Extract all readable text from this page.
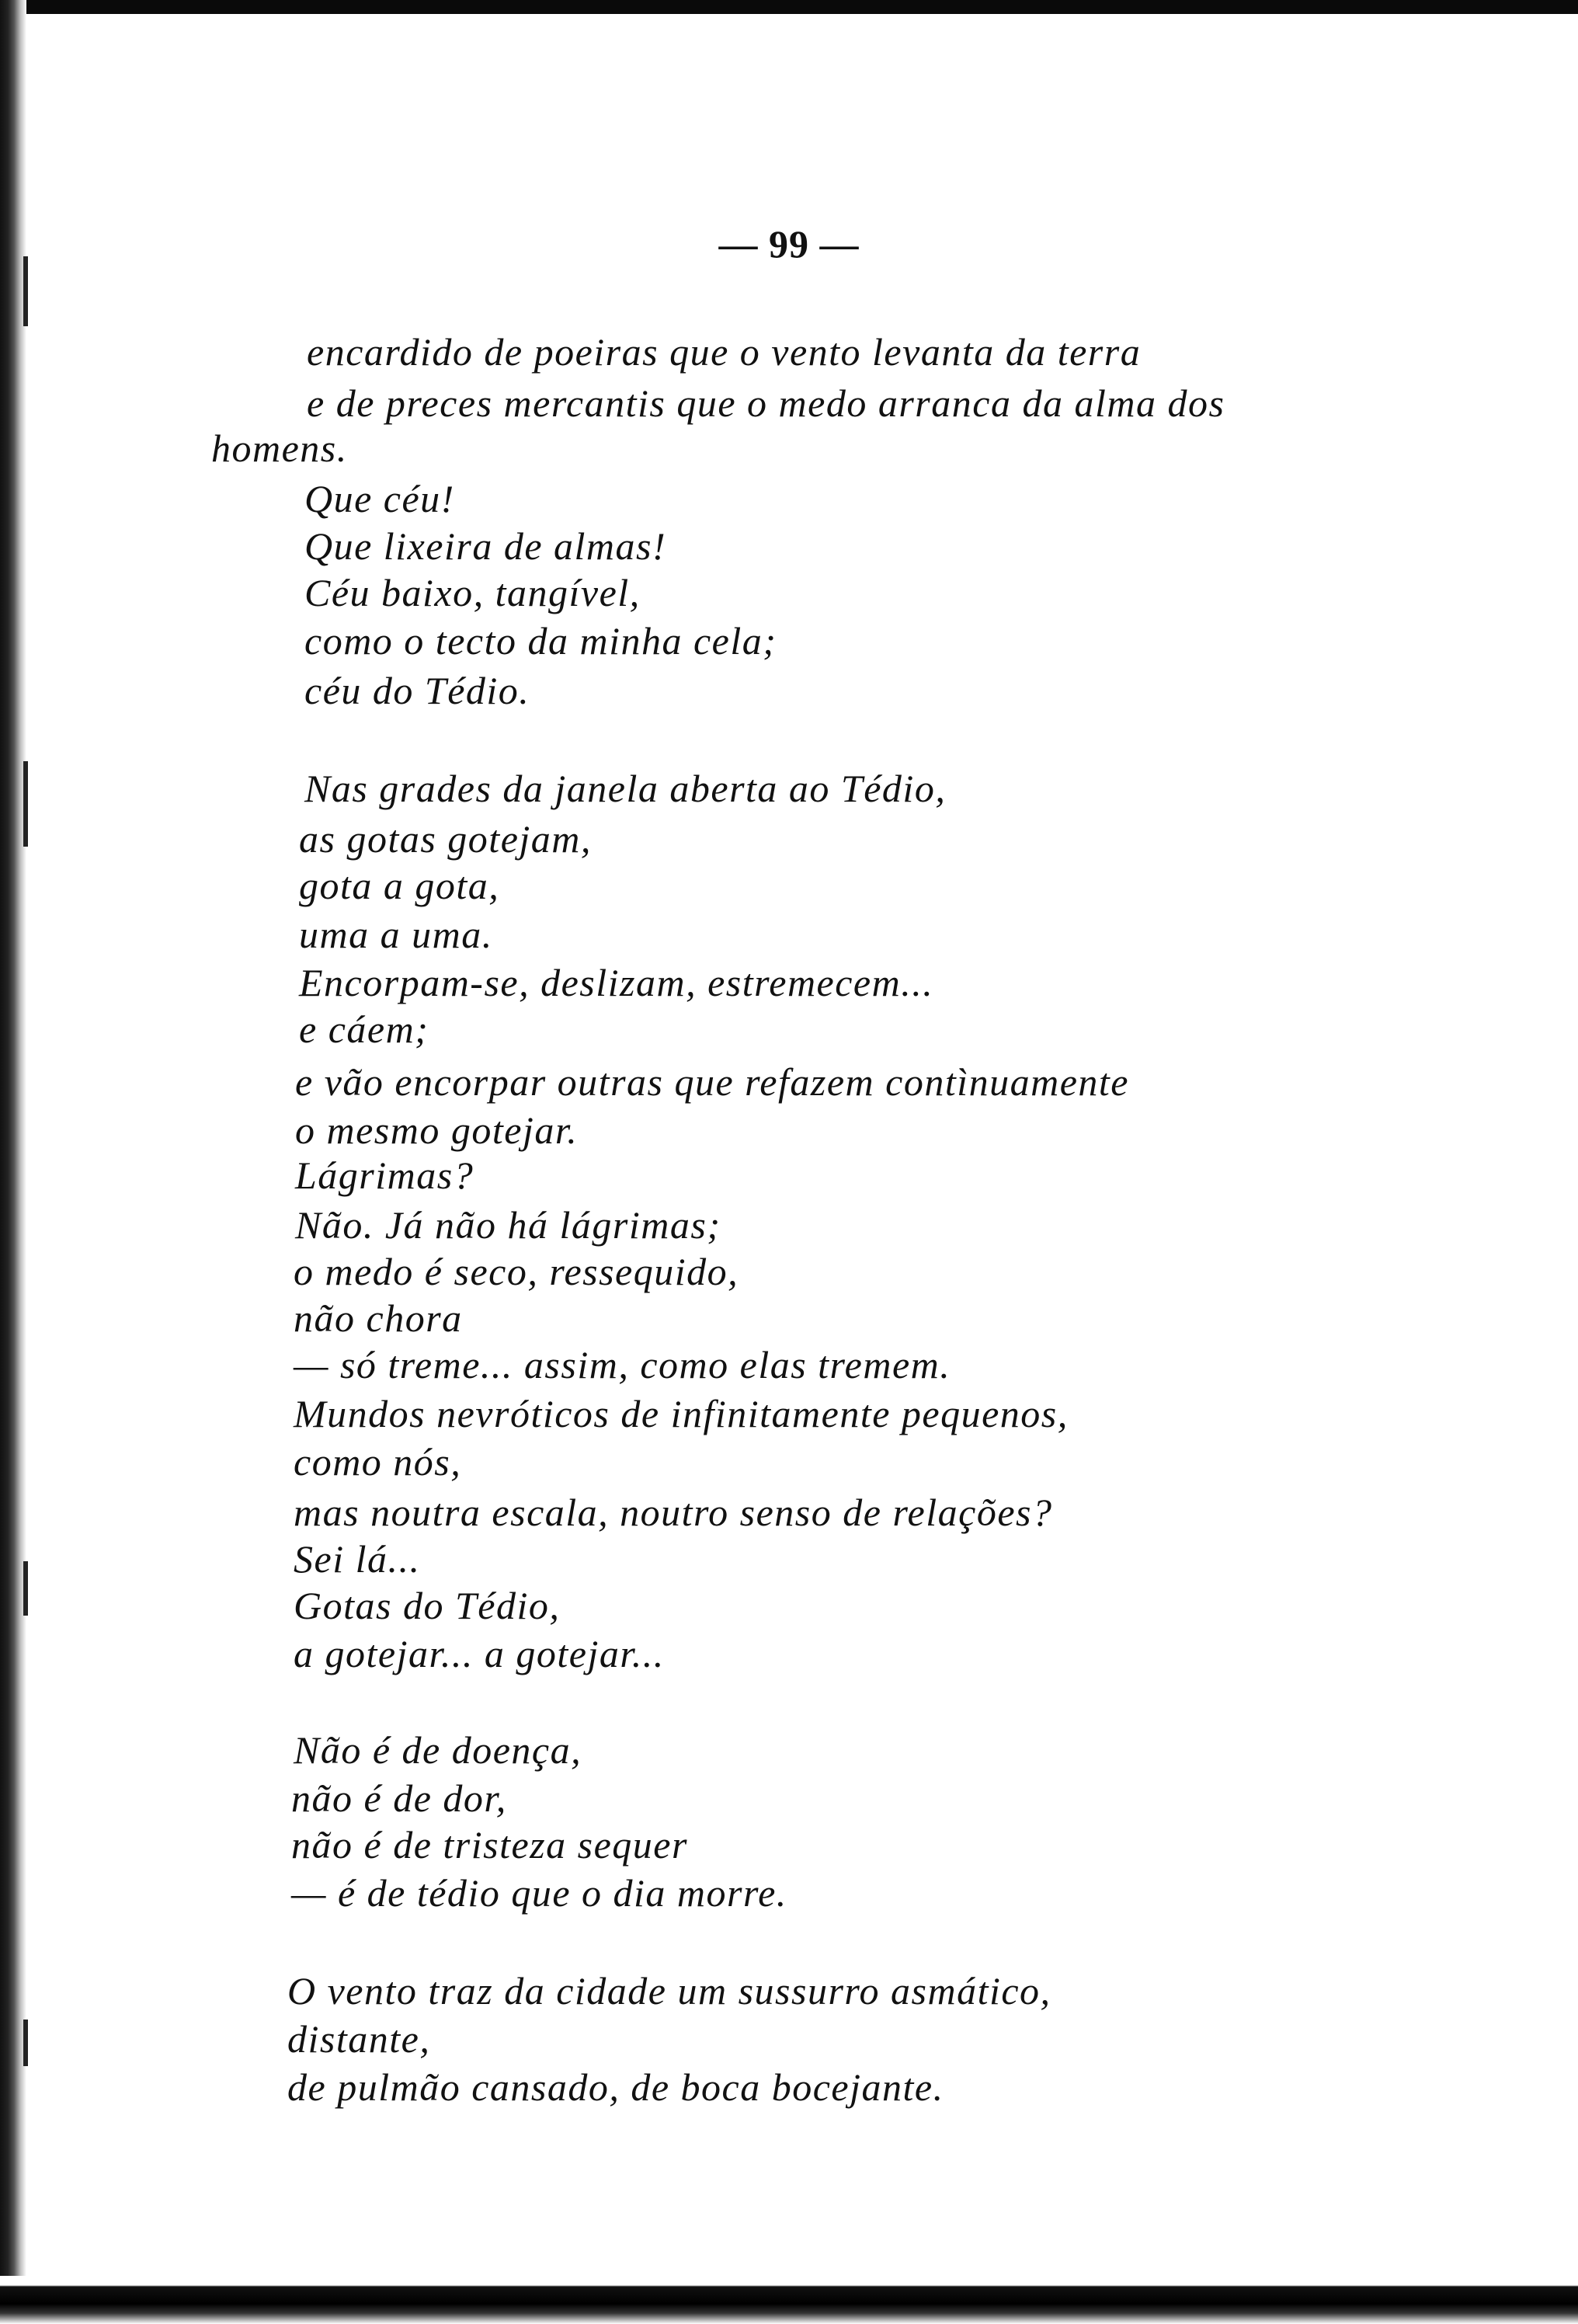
— 99 —
encardido de poeiras que o vento levanta da terra
e de preces mercantis que o medo arranca da alma dos
homens.
Que céu!
Que lixeira de almas!
Céu baixo, tangível,
como o tecto da minha cela;
céu do Tédio.
Nas grades da janela aberta ao Tédio,
as gotas gotejam,
gota a gota,
uma a uma.
Encorpam-se, deslizam, estremecem...
e cáem;
e vão encorpar outras que refazem contìnuamente
o mesmo gotejar.
Lágrimas?
Não. Já não há lágrimas;
o medo é seco, ressequido,
não chora
— só treme... assim, como elas tremem.
Mundos nevróticos de infinitamente pequenos,
como nós,
mas noutra escala, noutro senso de relações?
Sei lá...
Gotas do Tédio,
a gotejar... a gotejar...
Não é de doença,
não é de dor,
não é de tristeza sequer
— é de tédio que o dia morre.
O vento traz da cidade um sussurro asmático,
distante,
de pulmão cansado, de boca bocejante.
